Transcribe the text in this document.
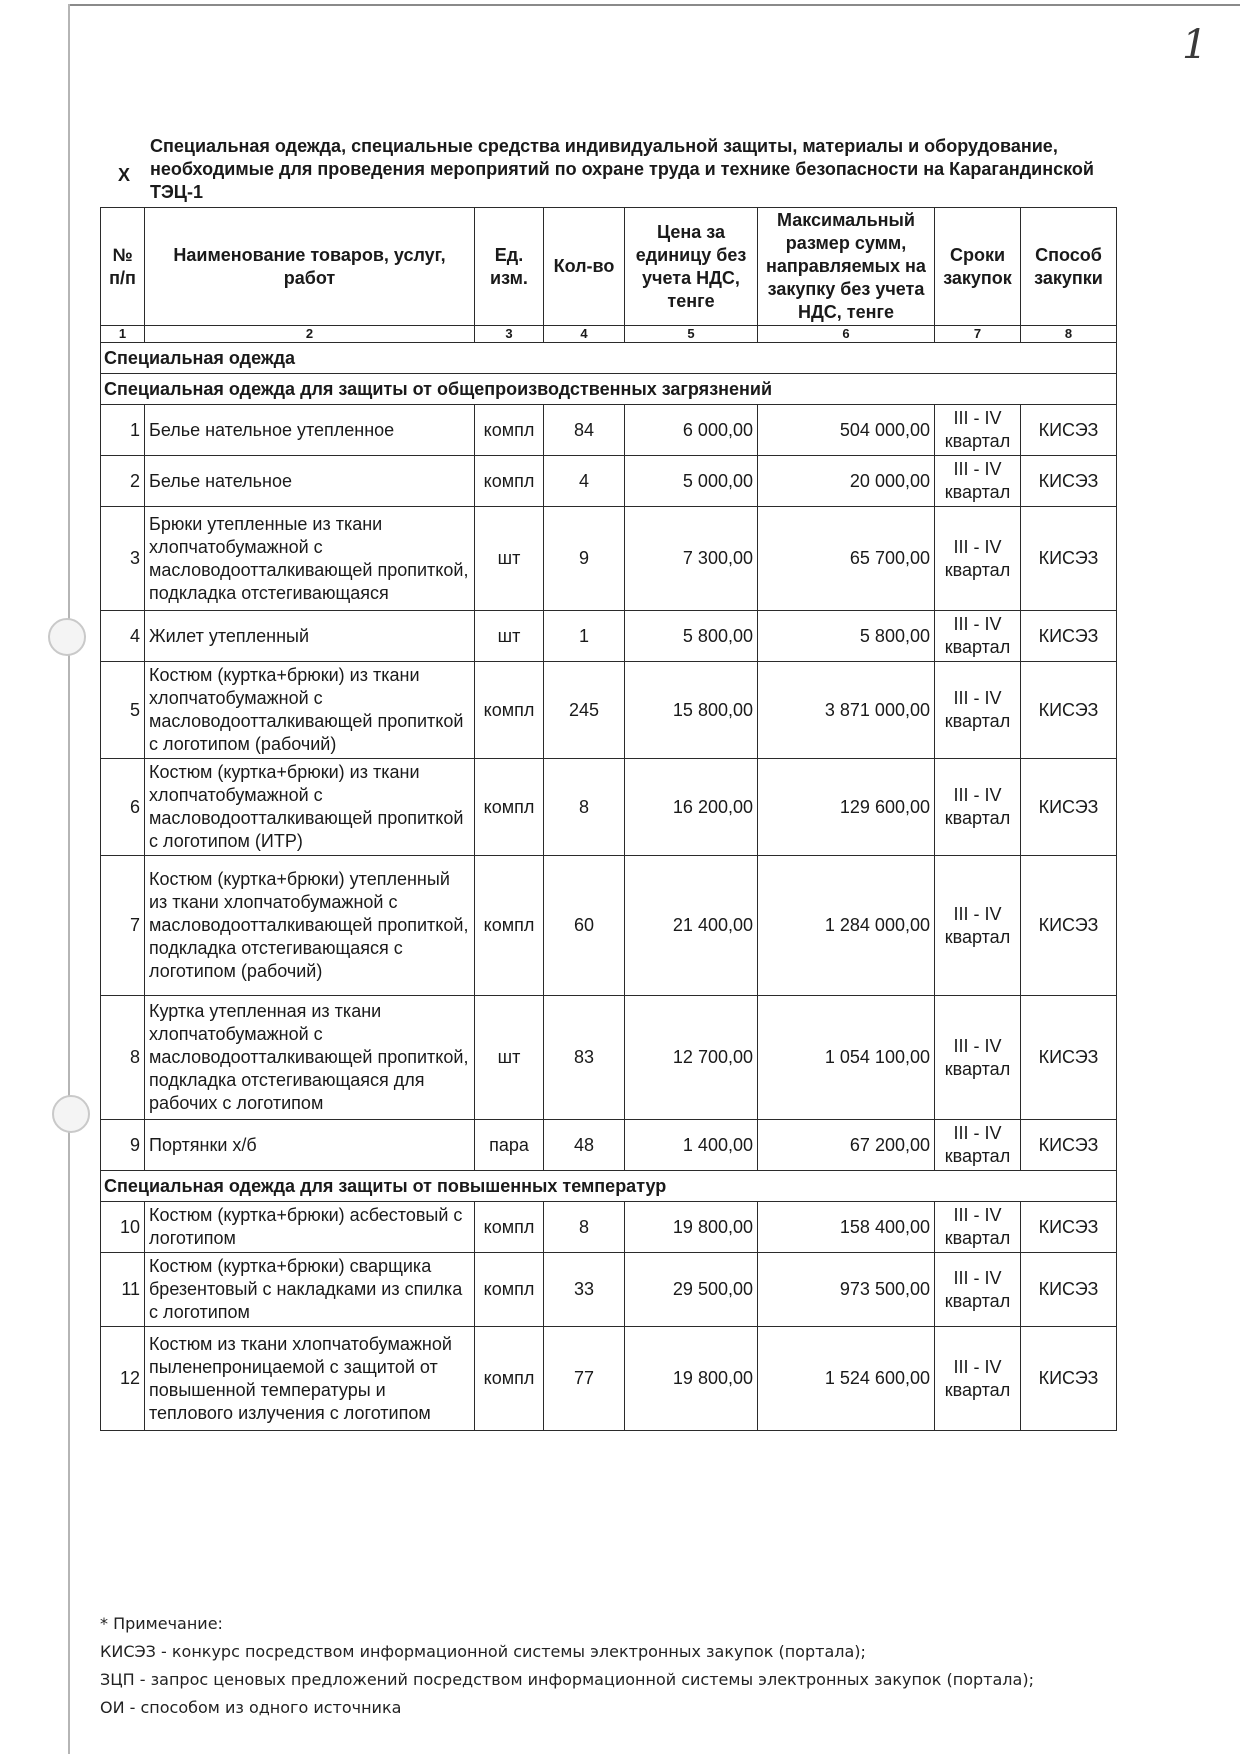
1
X
Специальная одежда, специальные средства индивидуальной защиты, материалы и оборудование, необходимые для проведения мероприятий по охране труда и технике безопасности на Карагандинской ТЭЦ-1
№ п/п	Наименование товаров, услуг, работ	Ед. изм.	Кол-во	Цена за единицу без учета НДС, тенге	Максимальный размер сумм, направляемых на закупку без учета НДС, тенге	Сроки закупок	Способ закупки
1	2	3	4	5	6	7	8
Специальная одежда							
Специальная одежда для защиты от общепроизводственных загрязнений							
1	Белье нательное утепленное	компл	84	6 000,00	504 000,00	III - IV квартал	КИСЭЗ
2	Белье нательное	компл	4	5 000,00	20 000,00	III - IV квартал	КИСЭЗ
3	Брюки утепленные из ткани хлопчатобумажной с масловодоотталкивающей пропиткой, подкладка отстегивающаяся	шт	9	7 300,00	65 700,00	III - IV квартал	КИСЭЗ
4	Жилет утепленный	шт	1	5 800,00	5 800,00	III - IV квартал	КИСЭЗ
5	Костюм (куртка+брюки) из ткани хлопчатобумажной с масловодоотталкивающей пропиткой с логотипом (рабочий)	компл	245	15 800,00	3 871 000,00	III - IV квартал	КИСЭЗ
6	Костюм (куртка+брюки) из ткани хлопчатобумажной с масловодоотталкивающей пропиткой с логотипом (ИТР)	компл	8	16 200,00	129 600,00	III - IV квартал	КИСЭЗ
7	Костюм (куртка+брюки) утепленный из ткани хлопчатобумажной с масловодоотталкивающей пропиткой, подкладка отстегивающаяся с логотипом (рабочий)	компл	60	21 400,00	1 284 000,00	III - IV квартал	КИСЭЗ
8	Куртка утепленная из ткани хлопчатобумажной с масловодоотталкивающей пропиткой, подкладка отстегивающаяся для рабочих с логотипом	шт	83	12 700,00	1 054 100,00	III - IV квартал	КИСЭЗ
9	Портянки х/б	пара	48	1 400,00	67 200,00	III - IV квартал	КИСЭЗ
Специальная одежда для защиты от повышенных температур							
10	Костюм (куртка+брюки) асбестовый с логотипом	компл	8	19 800,00	158 400,00	III - IV квартал	КИСЭЗ
11	Костюм (куртка+брюки) сварщика брезентовый с накладками из спилка с логотипом	компл	33	29 500,00	973 500,00	III - IV квартал	КИСЭЗ
12	Костюм из ткани хлопчатобумажной пыленепроницаемой с защитой от повышенной температуры и теплового излучения с логотипом	компл	77	19 800,00	1 524 600,00	III - IV квартал	КИСЭЗ
* Примечание:
КИСЭЗ - конкурс посредством информационной системы электронных закупок (портала);
ЗЦП - запрос ценовых предложений посредством информационной системы электронных закупок (портала);
ОИ - способом из одного источника
